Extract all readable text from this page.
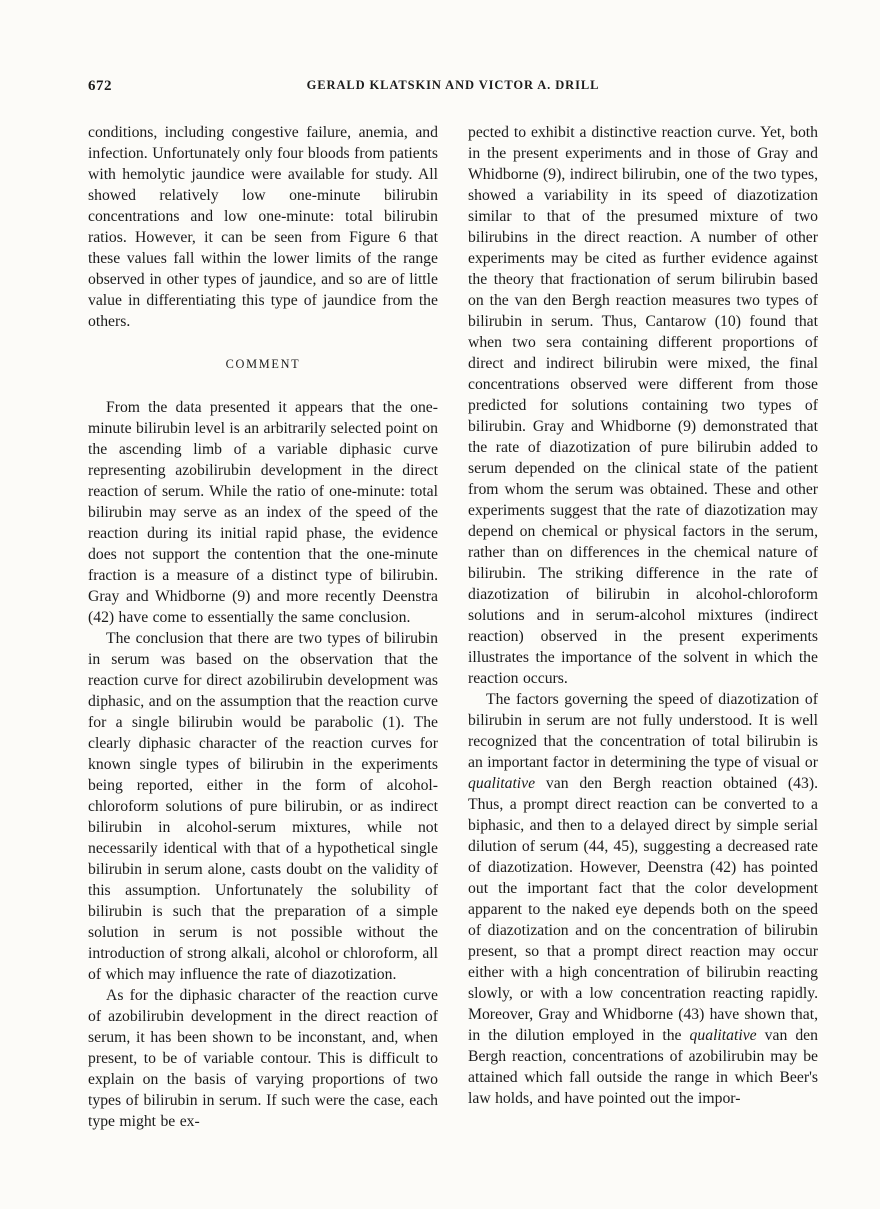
672	GERALD KLATSKIN AND VICTOR A. DRILL

conditions, including congestive failure, anemia, and infection. Unfortunately only four bloods from patients with hemolytic jaundice were available for study. All showed relatively low one-minute bilirubin concentrations and low one-minute: total bilirubin ratios. However, it can be seen from Figure 6 that these values fall within the lower limits of the range observed in other types of jaundice, and so are of little value in differentiating this type of jaundice from the others.

COMMENT

From the data presented it appears that the one-minute bilirubin level is an arbitrarily selected point on the ascending limb of a variable diphasic curve representing azobilirubin development in the direct reaction of serum. While the ratio of one-minute: total bilirubin may serve as an index of the speed of the reaction during its initial rapid phase, the evidence does not support the contention that the one-minute fraction is a measure of a distinct type of bilirubin. Gray and Whidborne (9) and more recently Deenstra (42) have come to essentially the same conclusion.

The conclusion that there are two types of bilirubin in serum was based on the observation that the reaction curve for direct azobilirubin development was diphasic, and on the assumption that the reaction curve for a single bilirubin would be parabolic (1). The clearly diphasic character of the reaction curves for known single types of bilirubin in the experiments being reported, either in the form of alcohol-chloroform solutions of pure bilirubin, or as indirect bilirubin in alcohol-serum mixtures, while not necessarily identical with that of a hypothetical single bilirubin in serum alone, casts doubt on the validity of this assumption. Unfortunately the solubility of bilirubin is such that the preparation of a simple solution in serum is not possible without the introduction of strong alkali, alcohol or chloroform, all of which may influence the rate of diazotization.

As for the diphasic character of the reaction curve of azobilirubin development in the direct reaction of serum, it has been shown to be inconstant, and, when present, to be of variable contour. This is difficult to explain on the basis of varying proportions of two types of bilirubin in serum. If such were the case, each type might be ex-

pected to exhibit a distinctive reaction curve. Yet, both in the present experiments and in those of Gray and Whidborne (9), indirect bilirubin, one of the two types, showed a variability in its speed of diazotization similar to that of the presumed mixture of two bilirubins in the direct reaction. A number of other experiments may be cited as further evidence against the theory that fractionation of serum bilirubin based on the van den Bergh reaction measures two types of bilirubin in serum. Thus, Cantarow (10) found that when two sera containing different proportions of direct and indirect bilirubin were mixed, the final concentrations observed were different from those predicted for solutions containing two types of bilirubin. Gray and Whidborne (9) demonstrated that the rate of diazotization of pure bilirubin added to serum depended on the clinical state of the patient from whom the serum was obtained. These and other experiments suggest that the rate of diazotization may depend on chemical or physical factors in the serum, rather than on differences in the chemical nature of bilirubin. The striking difference in the rate of diazotization of bilirubin in alcohol-chloroform solutions and in serum-alcohol mixtures (indirect reaction) observed in the present experiments illustrates the importance of the solvent in which the reaction occurs.

The factors governing the speed of diazotization of bilirubin in serum are not fully understood. It is well recognized that the concentration of total bilirubin is an important factor in determining the type of visual or qualitative van den Bergh reaction obtained (43). Thus, a prompt direct reaction can be converted to a biphasic, and then to a delayed direct by simple serial dilution of serum (44, 45), suggesting a decreased rate of diazotization. However, Deenstra (42) has pointed out the important fact that the color development apparent to the naked eye depends both on the speed of diazotization and on the concentration of bilirubin present, so that a prompt direct reaction may occur either with a high concentration of bilirubin reacting slowly, or with a low concentration reacting rapidly. Moreover, Gray and Whidborne (43) have shown that, in the dilution employed in the qualitative van den Bergh reaction, concentrations of azobilirubin may be attained which fall outside the range in which Beer's law holds, and have pointed out the impor-
